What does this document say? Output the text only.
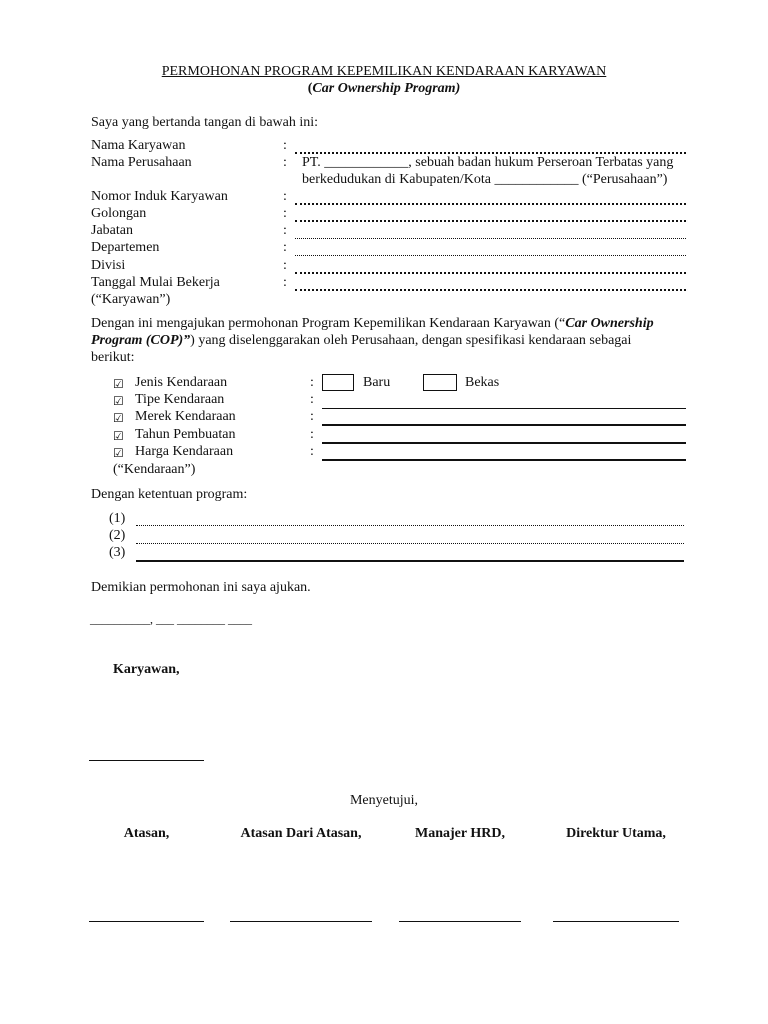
PERMOHONAN PROGRAM KEPEMILIKAN KENDARAAN KARYAWAN
(Car Ownership Program)
Saya yang bertanda tangan di bawah ini:
Nama Karyawan	:
Nama Perusahaan	: PT. ____________, sebuah badan hukum Perseroan Terbatas yang
berkedudukan di Kabupaten/Kota ____________ (“Perusahaan”)
Nomor Induk Karyawan	:
Golongan	:
Jabatan	:
Departemen	:
Divisi	:
Tanggal Mulai Bekerja	:
(“Karyawan”)
Dengan ini mengajukan permohonan Program Kepemilikan Kendaraan Karyawan (“Car Ownership
Program (COP)”) yang diselenggarakan oleh Perusahaan, dengan spesifikasi kendaraan sebagai
berikut:
☑ Jenis Kendaraan	:	Baru	Bekas
☑ Tipe Kendaraan	:
☑ Merek Kendaraan	:
☑ Tahun Pembuatan	:
☑ Harga Kendaraan	:
(“Kendaraan”)
Dengan ketentuan program:
(1)
(2)
(3)
Demikian permohonan ini saya ajukan.
__________, ___ ________ ____
Karyawan,
Menyetujui,
Atasan,	Atasan Dari Atasan,	Manajer HRD,	Direktur Utama,
